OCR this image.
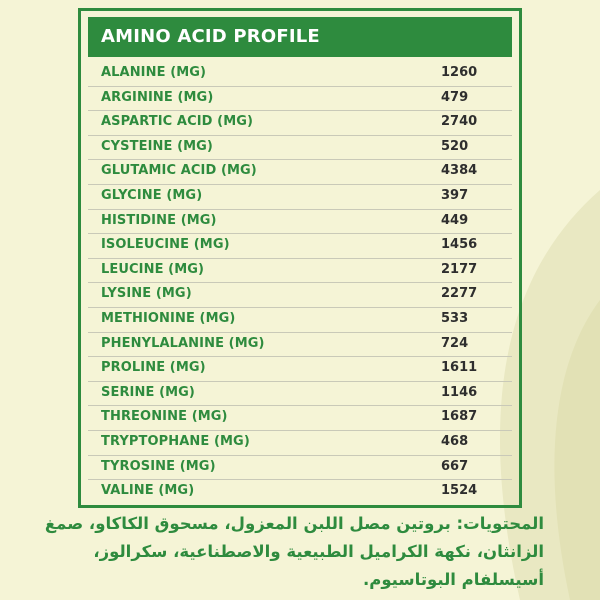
AMINO ACID PROFILE
ALANINE (MG)	1260
ARGININE (MG)	479
ASPARTIC ACID (MG)	2740
CYSTEINE (MG)	520
GLUTAMIC ACID (MG)	4384
GLYCINE (MG)	397
HISTIDINE (MG)	449
ISOLEUCINE (MG)	1456
LEUCINE (MG)	2177
LYSINE (MG)	2277
METHIONINE (MG)	533
PHENYLALANINE (MG)	724
PROLINE (MG)	1611
SERINE (MG)	1146
THREONINE (MG)	1687
TRYPTOPHANE (MG)	468
TYROSINE (MG)	667
VALINE (MG)	1524
المحتويات: بروتين مصل اللبن المعزول، مسحوق الكاكاو، صمغ الزانثان، نكهة الكراميل الطبيعية والاصطناعية، سكرالوز، أسيسلفام البوتاسيوم.
